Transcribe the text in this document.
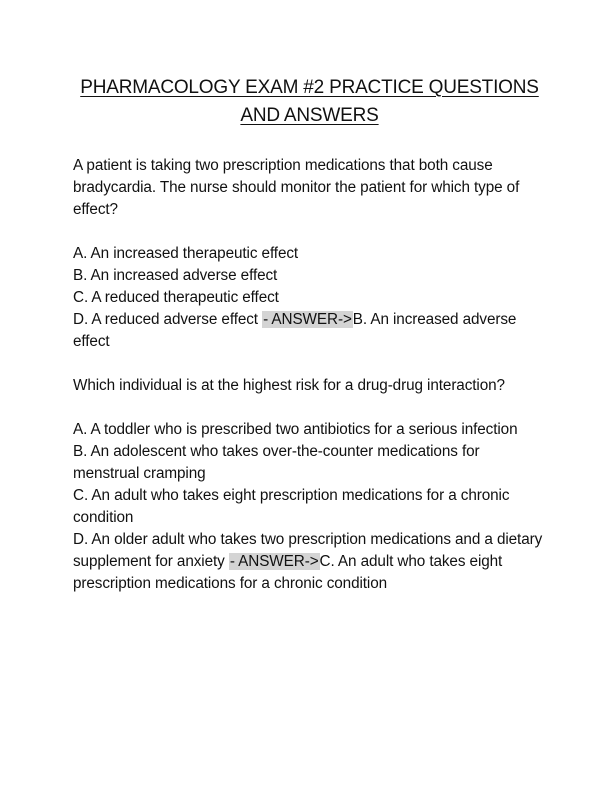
PHARMACOLOGY EXAM #2 PRACTICE QUESTIONS
AND ANSWERS

A patient is taking two prescription medications that both cause bradycardia. The nurse should monitor the patient for which type of effect?

A. An increased therapeutic effect
B. An increased adverse effect
C. A reduced therapeutic effect
D. A reduced adverse effect - ANSWER->B. An increased adverse effect

Which individual is at the highest risk for a drug-drug interaction?

A. A toddler who is prescribed two antibiotics for a serious infection
B. An adolescent who takes over-the-counter medications for menstrual cramping
C. An adult who takes eight prescription medications for a chronic condition
D. An older adult who takes two prescription medications and a dietary supplement for anxiety - ANSWER->C. An adult who takes eight prescription medications for a chronic condition
